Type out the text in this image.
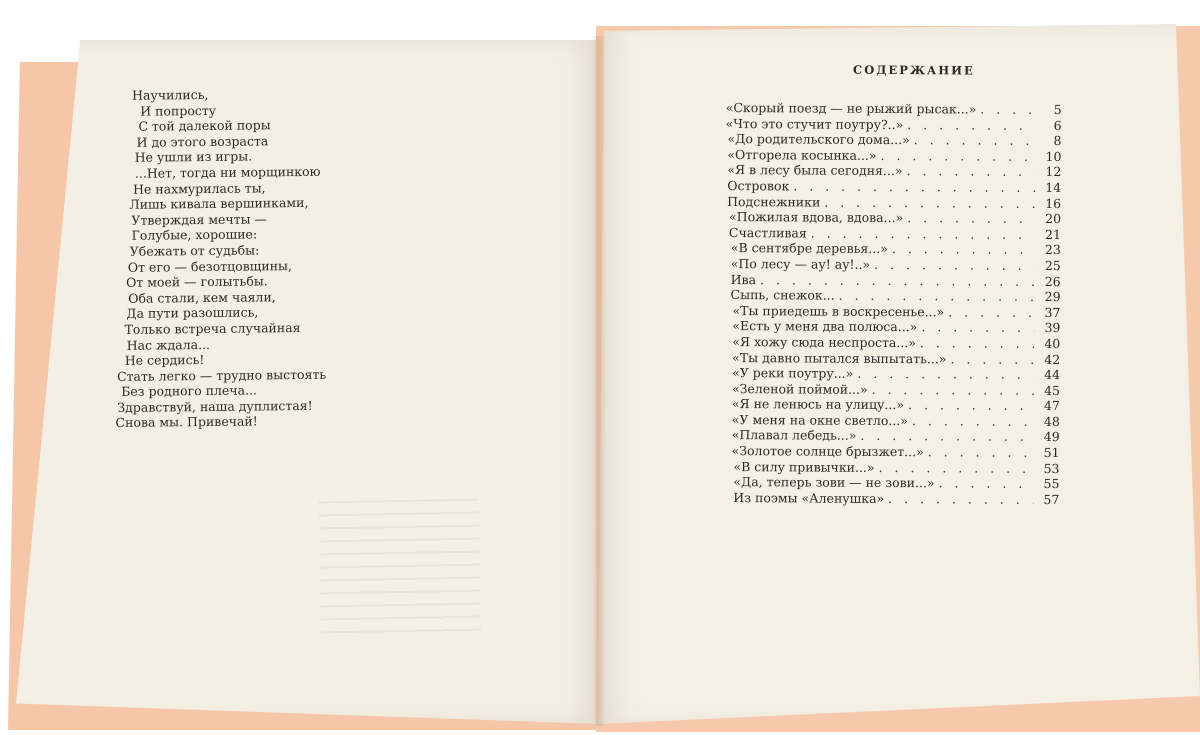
Научились,
И попросту
С той далекой поры
И до этого возраста
Не ушли из игры.
...Нет, тогда ни морщинкою
Не нахмурилась ты,
Лишь кивала вершинками,
Утверждая мечты —
Голубые, хорошие:
Убежать от судьбы:
От его — безотцовщины,
От моей — голытьбы.
Оба стали, кем чаяли,
Да пути разошлись,
Только встреча случайная
Нас ждала...
Не сердись!
Стать легко — трудно выстоять
Без родного плеча...
Здравствуй, наша дуплистая!
Снова мы. Привечай!
СОДЕРЖАНИЕ
«Скорый поезд — не рыжий рысак...» . . .	5
«Что это стучит поутру?..» . . .	6
«До родительского дома...» . . .	8
«Отгорела косынка...» . . .	10
«Я в лесу была сегодня...» . . .	12
Островок . . .	14
Подснежники . . .	16
«Пожилая вдова, вдова...» . . .	20
Счастливая . . .	21
«В сентябре деревья...» . . .	23
«По лесу — ау! ау!..» . . .	25
Ива . . .	26
Сыпь, снежок... . . .	29
«Ты приедешь в воскресенье...» . . .	37
«Есть у меня два полюса...» . . .	39
«Я хожу сюда неспроста...» . . .	40
«Ты давно пытался выпытать...» . . .	42
«У реки поутру...» . . .	44
«Зеленой поймой...» . . .	45
«Я не ленюсь на улицу...» . . .	47
«У меня на окне светло...» . . .	48
«Плавал лебедь...» . . .	49
«Золотое солнце брызжет...» . . .	51
«В силу привычки...» . . .	53
«Да, теперь зови — не зови...» . . .	55
Из поэмы «Аленушка» . . .	57
